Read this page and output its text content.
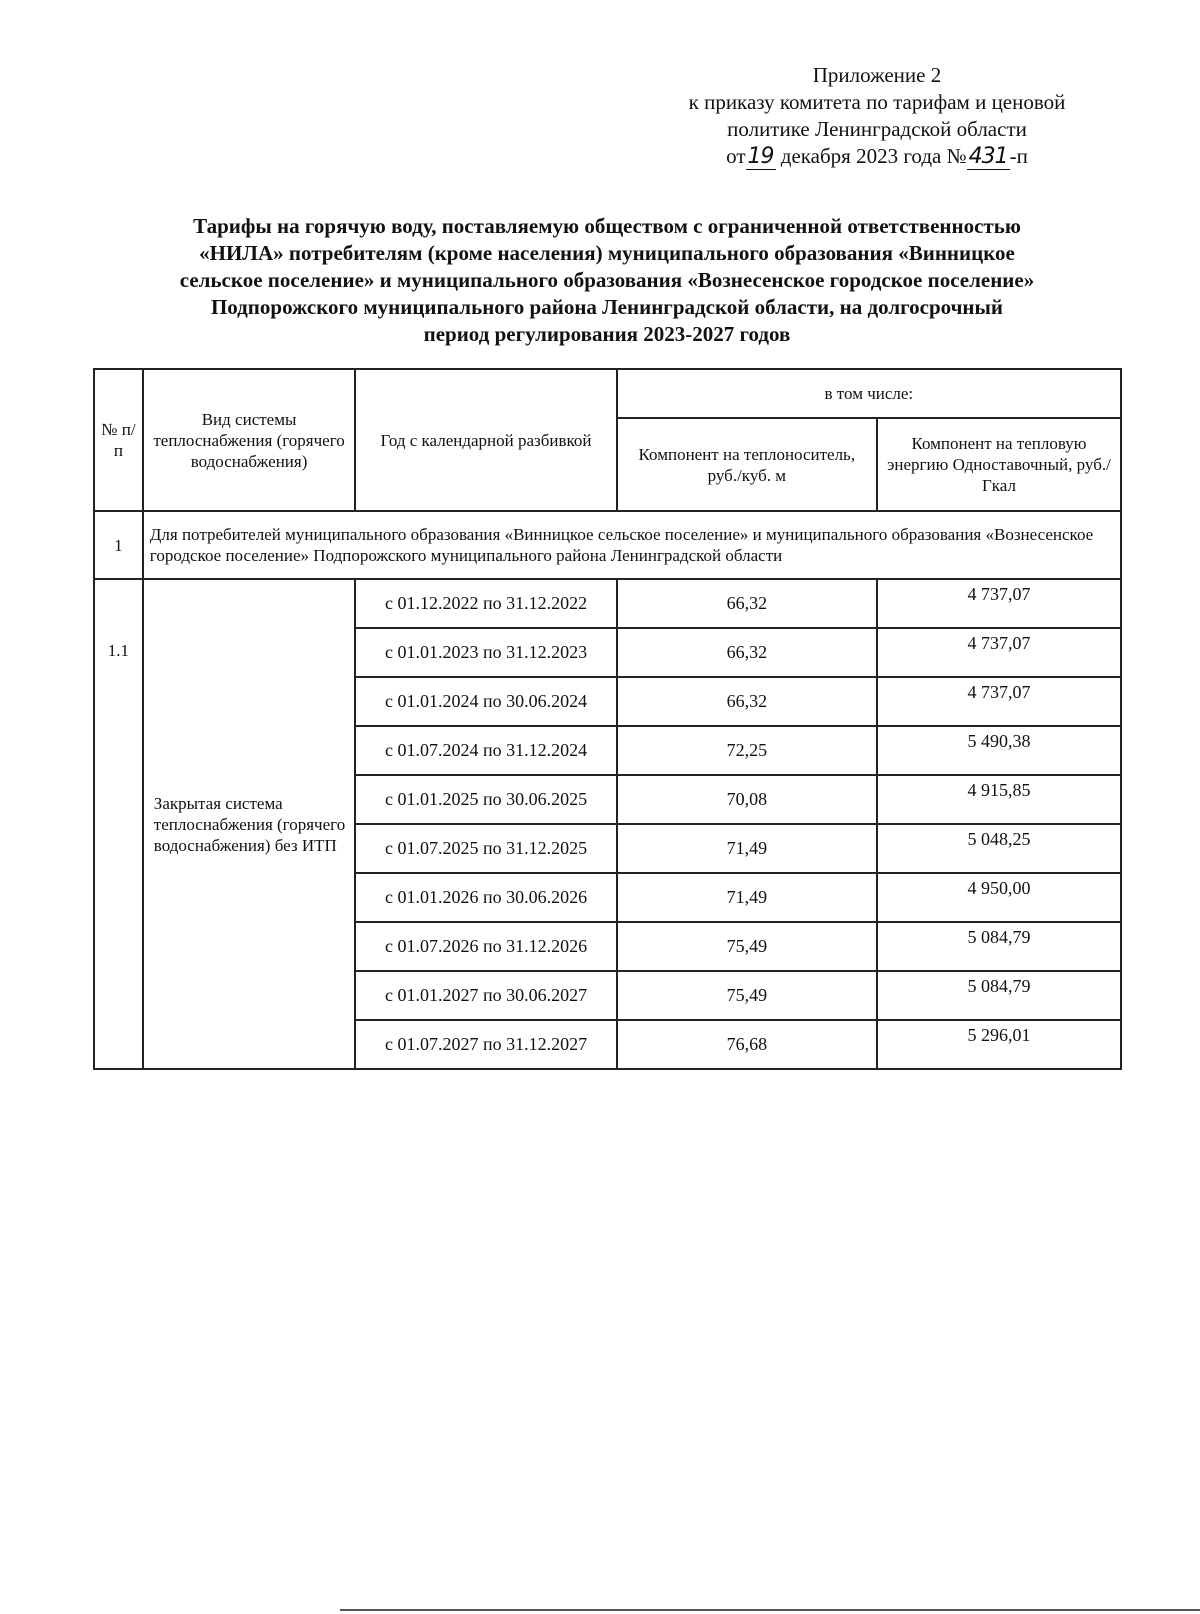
Приложение 2
к приказу комитета по тарифам и ценовой
политике Ленинградской области
от19 декабря 2023 года №431-п
Тарифы на горячую воду, поставляемую обществом с ограниченной ответственностью
«НИЛА» потребителям (кроме населения) муниципального образования «Винницкое
сельское поселение» и муниципального образования «Вознесенское городское поселение»
Подпорожского муниципального района Ленинградской области, на долгосрочный
период регулирования 2023-2027 годов
№ п/п	Вид системы теплоснабжения (горячего водоснабжения)	Год с календарной разбивкой	в том числе:	
			Компонент на теплоноситель, руб./куб. м	Компонент на тепловую энергию Одноставочный, руб./Гкал
1	Для потребителей муниципального образования «Винницкое сельское поселение» и муниципального образования «Вознесенское городское поселение» Подпорожского муниципального района Ленинградской области			
1.1	Закрытая система теплоснабжения (горячего водоснабжения) без ИТП	с 01.12.2022 по 31.12.2022	66,32	4 737,07
		с 01.01.2023 по 31.12.2023	66,32	4 737,07
		с 01.01.2024 по 30.06.2024	66,32	4 737,07
		с 01.07.2024 по 31.12.2024	72,25	5 490,38
		с 01.01.2025 по 30.06.2025	70,08	4 915,85
		с 01.07.2025 по 31.12.2025	71,49	5 048,25
		с 01.01.2026 по 30.06.2026	71,49	4 950,00
		с 01.07.2026 по 31.12.2026	75,49	5 084,79
		с 01.01.2027 по 30.06.2027	75,49	5 084,79
		с 01.07.2027 по 31.12.2027	76,68	5 296,01
